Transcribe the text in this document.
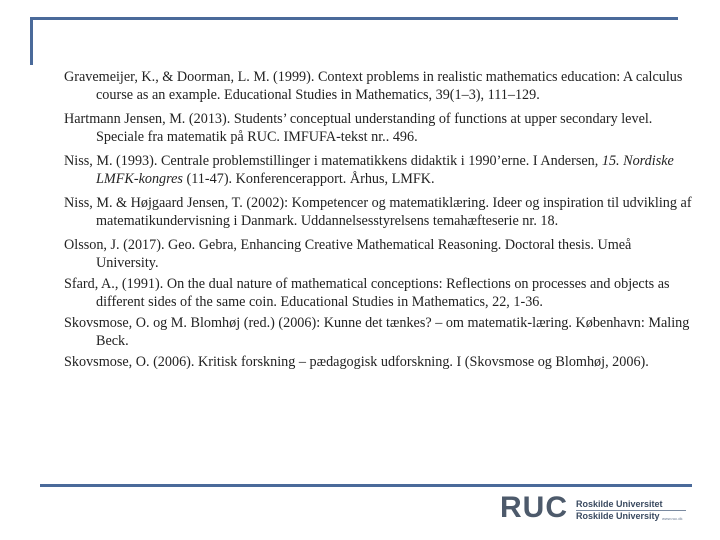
Gravemeijer, K., & Doorman, L. M. (1999). Context problems in realistic mathematics education: A calculus course as an example. Educational Studies in Mathematics, 39(1–3), 111–129.

Hartmann Jensen, M. (2013). Students’ conceptual understanding of functions at upper secondary level. Speciale fra matematik på RUC. IMFUFA-tekst nr.. 496.

Niss, M. (1993). Centrale problemstillinger i matematikkens didaktik i 1990’erne. I Andersen, 15. Nordiske LMFK-kongres (11-47). Konferencerapport. Århus, LMFK.

Niss, M. & Højgaard Jensen, T. (2002): Kompetencer og matematiklæring. Ideer og inspiration til udvikling af matematikundervisning i Danmark. Uddannelsesstyrelsens temahæfteserie nr. 18.

Olsson, J. (2017). Geo. Gebra, Enhancing Creative Mathematical Reasoning. Doctoral thesis. Umeå University.

Sfard, A., (1991). On the dual nature of mathematical conceptions: Reflections on processes and objects as different sides of the same coin. Educational Studies in Mathematics, 22, 1-36.

Skovsmose, O. og M. Blomhøj (red.) (2006): Kunne det tænkes? – om matematik-læring. København: Maling Beck.

Skovsmose, O. (2006). Kritisk forskning – pædagogisk udforskning. I (Skovsmose og Blomhøj, 2006).

RUC Roskilde Universitet
Roskilde University www.ruc.dk
